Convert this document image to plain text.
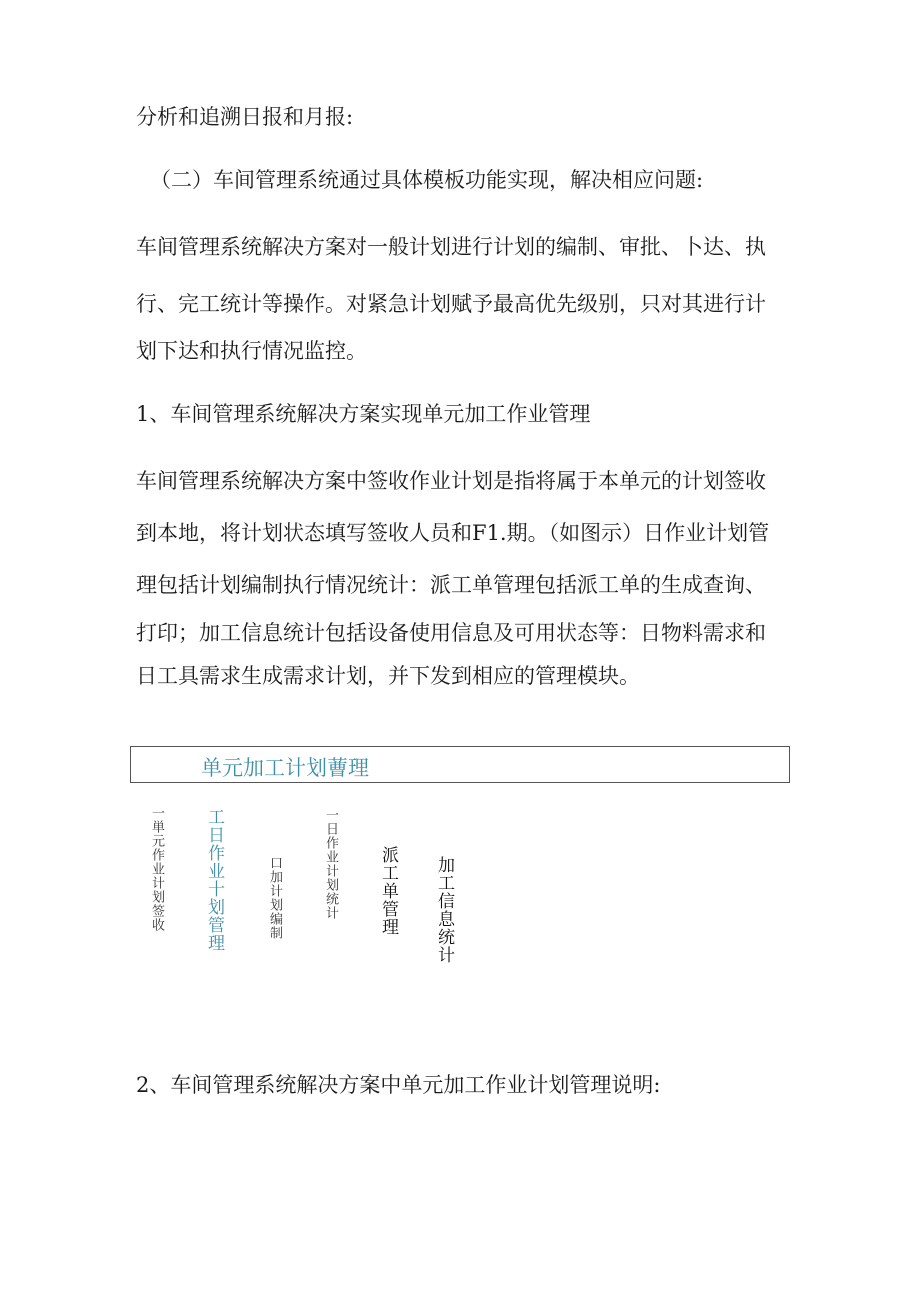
分析和追溯日报和月报:

（二）车间管理系统通过具体模板功能实现，解决相应问题:

车间管理系统解决方案对一般计划进行计划的编制、审批、卜达、执

行、完工统计等操作。对紧急计划赋予最高优先级别，只对其进行计

划下达和执行情况监控。

1、车间管理系统解决方案实现单元加工作业管理

车间管理系统解决方案中签收作业计划是指将属于本单元的计划签收

到本地，将计划状态填写签收人员和F1.期。（如图示）日作业计划管

理包括计划编制执行情况统计：派工单管理包括派工单的生成查询、

打印；加工信息统计包括设备使用信息及可用状态等：日物料需求和

日工具需求生成需求计划，并下发到相应的管理模块。

单元加工计划蓸理
一単元作业计划签收 工日作业十划管理	口加计划编制	一日作业计划统计 派工单管理 加工信息统计

2、车间管理系统解决方案中单元加工作业计划管理说明:
